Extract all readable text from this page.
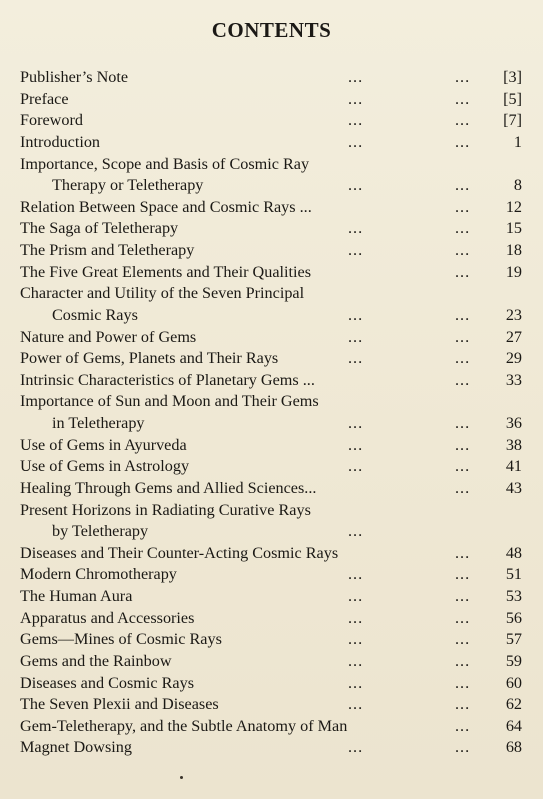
CONTENTS
Publisher’s Note	...	... [3]
Preface	...	... [5]
Foreword	...	... [7]
Introduction	...	...	1
Importance, Scope and Basis of Cosmic Ray
Therapy or Teletherapy	...	...	8
Relation Between Space and Cosmic Rays ...	... 12
The Saga of Teletherapy	...	... 15
The Prism and Teletherapy	...	... 18
The Five Great Elements and Their Qualities	... 19
Character and Utility of the Seven Principal
Cosmic Rays	...	... 23
Nature and Power of Gems	...	... 27
Power of Gems, Planets and Their Rays	...	... 29
Intrinsic Characteristics of Planetary Gems ...	... 33
Importance of Sun and Moon and Their Gems
in Teletherapy	...	... 36
Use of Gems in Ayurveda	...	... 38
Use of Gems in Astrology	...	... 41
Healing Through Gems and Allied Sciences...	... 43
Present Horizons in Radiating Curative Rays
by Teletherapy	...
Diseases and Their Counter-Acting Cosmic Rays	... 48
Modern Chromotherapy	...	... 51
The Human Aura	...	... 53
Apparatus and Accessories	...	... 56
Gems—Mines of Cosmic Rays	...	... 57
Gems and the Rainbow	...	... 59
Diseases and Cosmic Rays	...	... 60
The Seven Plexii and Diseases	...	... 62
Gem-Teletherapy, and the Subtle Anatomy of Man	... 64
Magnet Dowsing	...	... 68
